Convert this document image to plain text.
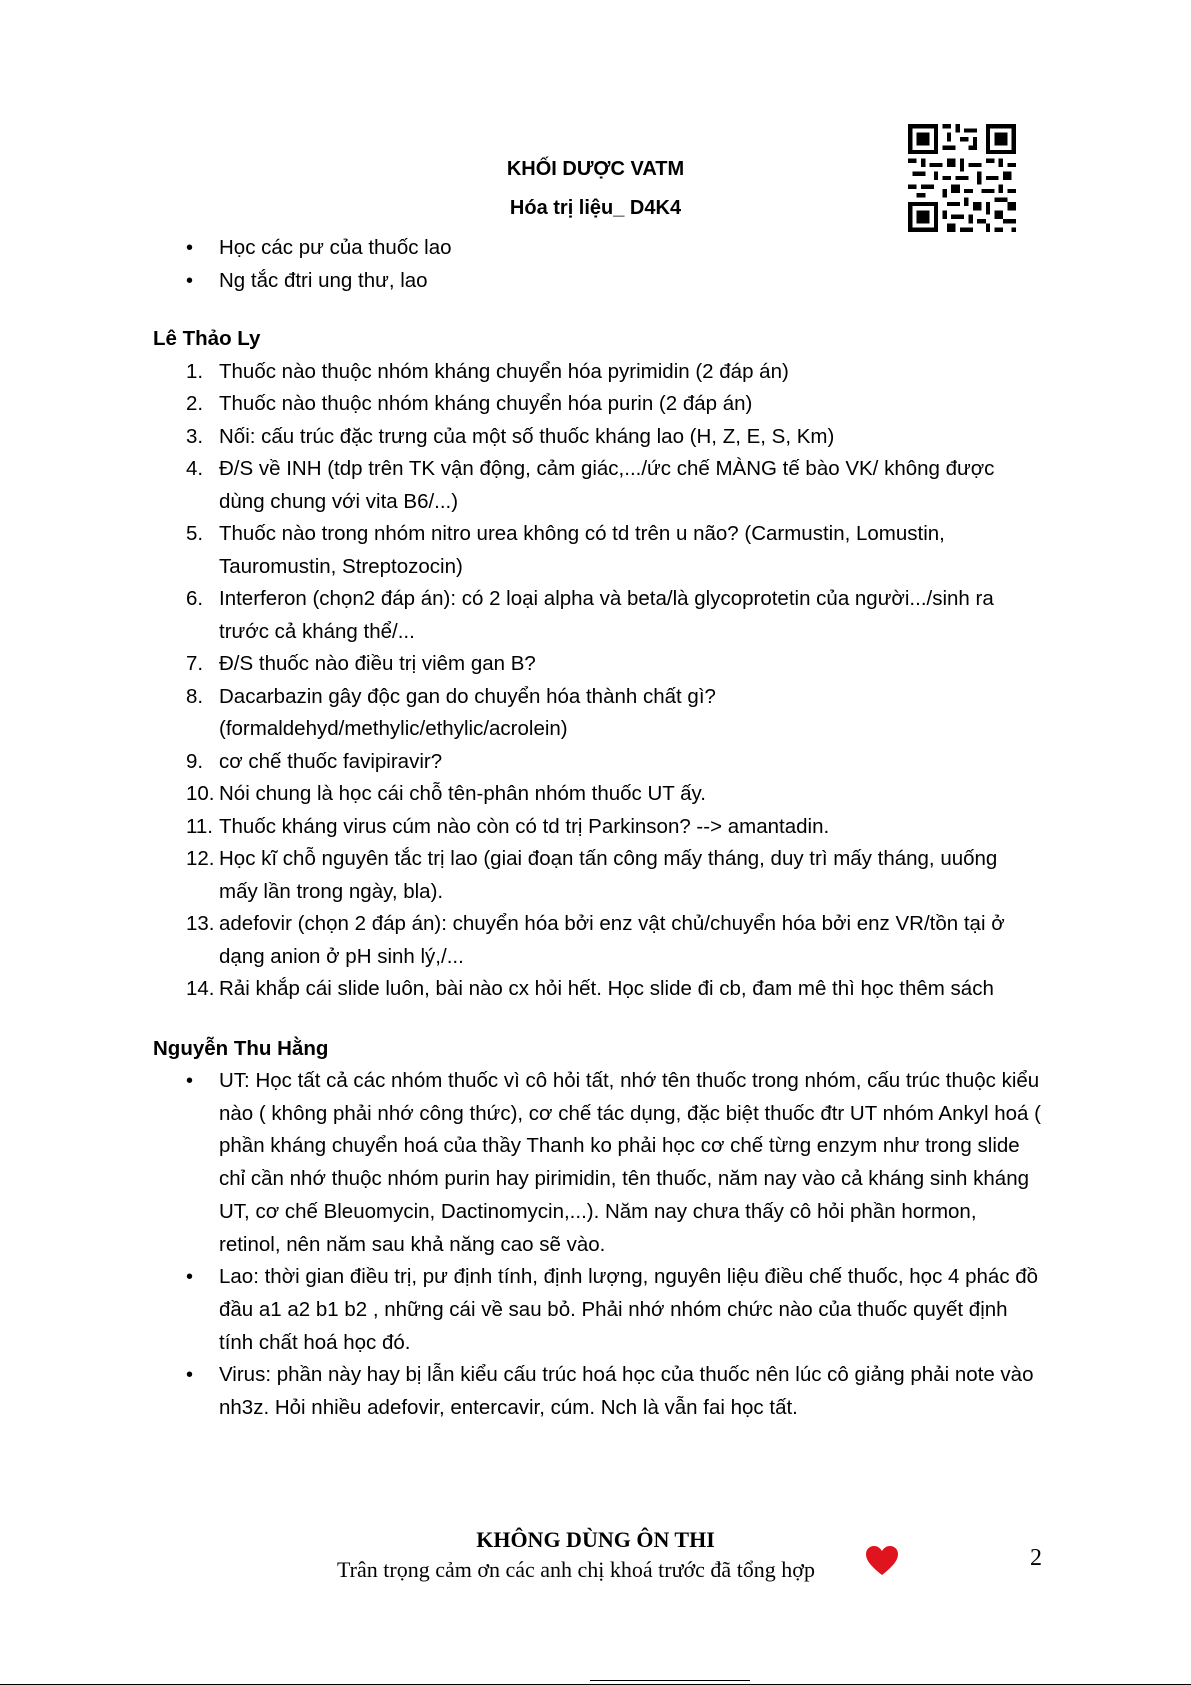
KHỐI DƯỢC VATM
Hóa trị liệu_ D4K4
• Học các pư của thuốc lao
• Ng tắc đtri ung thư, lao

Lê Thảo Ly

1. Thuốc nào thuộc nhóm kháng chuyển hóa pyrimidin (2 đáp án)
2. Thuốc nào thuộc nhóm kháng chuyển hóa purin (2 đáp án)
3. Nối: cấu trúc đặc trưng của một số thuốc kháng lao (H, Z, E, S, Km)
4. Đ/S về INH (tdp trên TK vận động, cảm giác,.../ức chế MÀNG tế bào VK/ không được dùng chung với vita B6/...)
5. Thuốc nào trong nhóm nitro urea không có td trên u não? (Carmustin, Lomustin, Tauromustin, Streptozocin)
6. Interferon (chọn2 đáp án): có 2 loại alpha và beta/là glycoprotetin của người.../sinh ra trước cả kháng thể/...
7. Đ/S thuốc nào điều trị viêm gan B?
8. Dacarbazin gây độc gan do chuyển hóa thành chất gì? (formaldehyd/methylic/ethylic/acrolein)
9. cơ chế thuốc favipiravir?
10. Nói chung là học cái chỗ tên-phân nhóm thuốc UT ấy.
11. Thuốc kháng virus cúm nào còn có td trị Parkinson? --> amantadin.
12. Học kĩ chỗ nguyên tắc trị lao (giai đoạn tấn công mấy tháng, duy trì mấy tháng, uuống mấy lần trong ngày, bla).
13. adefovir (chọn 2 đáp án): chuyển hóa bởi enz vật chủ/chuyển hóa bởi enz VR/tồn tại ở dạng anion ở pH sinh lý,/...
14. Rải khắp cái slide luôn, bài nào cx hỏi hết. Học slide đi cb, đam mê thì học thêm sách

Nguyễn Thu Hằng

• UT: Học tất cả các nhóm thuốc vì cô hỏi tất, nhớ tên thuốc trong nhóm, cấu trúc thuộc kiểu nào ( không phải nhớ công thức), cơ chế tác dụng, đặc biệt thuốc đtr UT nhóm Ankyl hoá ( phần kháng chuyển hoá của thầy Thanh ko phải học cơ chế từng enzym như trong slide chỉ cần nhớ thuộc nhóm purin hay pirimidin, tên thuốc, năm nay vào cả kháng sinh kháng UT, cơ chế Bleuomycin, Dactinomycin,...). Năm nay chưa thấy cô hỏi phần hormon, retinol, nên năm sau khả năng cao sẽ vào.
• Lao: thời gian điều trị, pư định tính, định lượng, nguyên liệu điều chế thuốc, học 4 phác đồ đầu a1 a2 b1 b2 , những cái về sau bỏ. Phải nhớ nhóm chức nào của thuốc quyết định tính chất hoá học đó.
• Virus: phần này hay bị lẫn kiểu cấu trúc hoá học của thuốc nên lúc cô giảng phải note vào nh3z. Hỏi nhiều adefovir, entercavir, cúm. Nch là vẫn fai học tất.
KHÔNG DÙNG ÔN THI
Trân trọng cảm ơn các anh chị khoá trước đã tổng hợp	2
